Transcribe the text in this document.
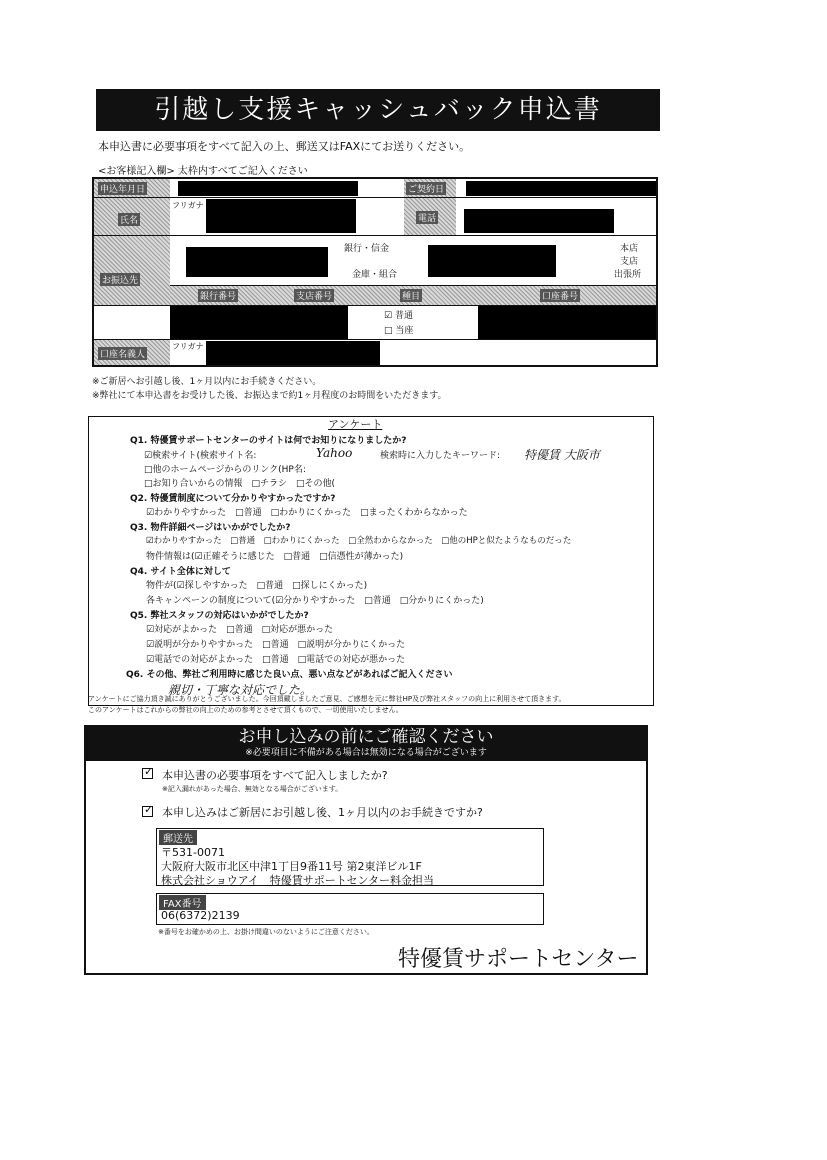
引越し支援キャッシュバック申込書
本申込書に必要事項をすべて記入の上、郵送又はFAXにてお送りください。
<お客様記入欄> 太枠内すべてご記入ください
申込年月日	ご契約日
フリガナ
氏名	電話
お振込先
銀行・信金
金庫・組合
本店
支店
出張所
銀行番号	支店番号	種目	口座番号
☑ 普通
□ 当座
口座名義人
フリガナ
※ご新居へお引越し後、1ヶ月以内にお手続きください。
※弊社にて本申込書をお受けした後、お振込まで約1ヶ月程度のお時間をいただきます。
アンケート
Q1. 特優賃サポートセンターのサイトは何でお知りになりましたか?
☑検索サイト(検索サイト名:	Yahoo	検索時に入力したキーワード: 特優賃 大阪市
□他のホームページからのリンク(HP名:
□お知り合いからの情報　□チラシ　□その他(
Q2. 特優賃制度について分かりやすかったですか?
☑わかりやすかった　□普通　□わかりにくかった　□まったくわからなかった
Q3. 物件詳細ページはいかがでしたか?
☑わかりやすかった　□普通　□わかりにくかった　□全然わからなかった　□他のHPと似たようなものだった
物件情報は(☑正確そうに感じた　□普通　□信憑性が薄かった)
Q4. サイト全体に対して
物件が(☑探しやすかった　□普通　□探しにくかった)
各キャンペーンの制度について(☑分かりやすかった　□普通　□分かりにくかった)
Q5. 弊社スタッフの対応はいかがでしたか?
☑対応がよかった　□普通　□対応が悪かった
☑説明が分かりやすかった　□普通　□説明が分かりにくかった
☑電話での対応がよかった　□普通　□電話での対応が悪かった
Q6. その他、弊社ご利用時に感じた良い点、悪い点などがあればご記入ください
親切・丁寧な対応でした。
アンケートにご協力頂き誠にありがとうございました。今回頂戴しましたご意見、ご感想を元に弊社HP及び弊社スタッフの向上に利用させて頂きます。
このアンケートはこれからの弊社の向上のための参考とさせて頂くもので、一切使用いたしません。
お申し込みの前にご確認ください
※必要項目に不備がある場合は無効になる場合がございます
✓ 本申込書の必要事項をすべて記入しましたか?
※記入漏れがあった場合、無効となる場合がございます。
✓ 本申し込みはご新居にお引越し後、1ヶ月以内のお手続きですか?
郵送先
〒531-0071
大阪府大阪市北区中津1丁目9番11号 第2東洋ビル1F
株式会社ショウアイ　特優賃サポートセンター料金担当
FAX番号
06(6372)2139
※番号をお確かめの上、お掛け間違いのないようにご注意ください。
特優賃サポートセンター
